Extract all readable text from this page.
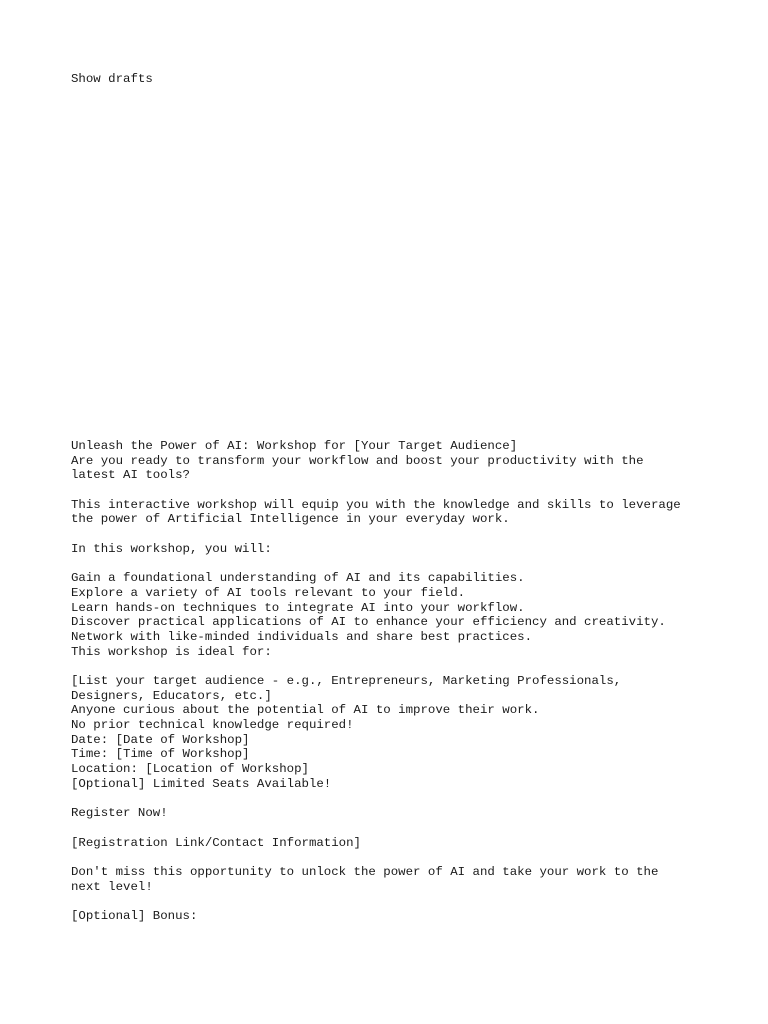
Show drafts
Unleash the Power of AI: Workshop for [Your Target Audience]
Are you ready to transform your workflow and boost your productivity with the
latest AI tools?
This interactive workshop will equip you with the knowledge and skills to leverage
the power of Artificial Intelligence in your everyday work.
In this workshop, you will:
Gain a foundational understanding of AI and its capabilities.
Explore a variety of AI tools relevant to your field.
Learn hands-on techniques to integrate AI into your workflow.
Discover practical applications of AI to enhance your efficiency and creativity.
Network with like-minded individuals and share best practices.
This workshop is ideal for:
[List your target audience - e.g., Entrepreneurs, Marketing Professionals,
Designers, Educators, etc.]
Anyone curious about the potential of AI to improve their work.
No prior technical knowledge required!
Date: [Date of Workshop]
Time: [Time of Workshop]
Location: [Location of Workshop]
[Optional] Limited Seats Available!
Register Now!
[Registration Link/Contact Information]
Don't miss this opportunity to unlock the power of AI and take your work to the
next level!
[Optional] Bonus:
